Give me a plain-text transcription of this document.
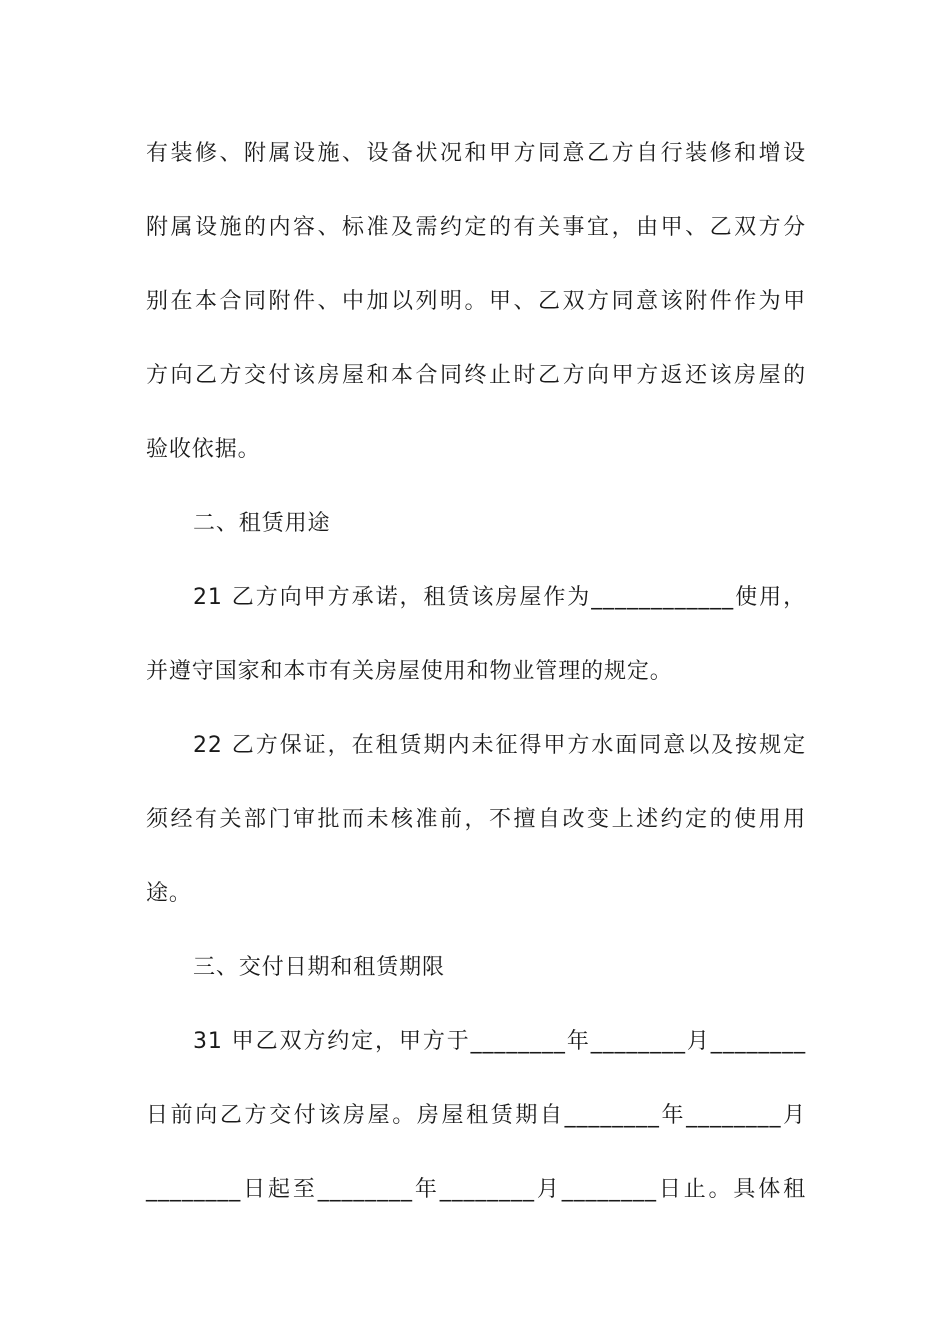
有装修、附属设施、设备状况和甲方同意乙方自行装修和增设
附属设施的内容、标准及需约定的有关事宜，由甲、乙双方分
别在本合同附件、中加以列明。甲、乙双方同意该附件作为甲
方向乙方交付该房屋和本合同终止时乙方向甲方返还该房屋的
验收依据。
二、租赁用途
21 乙方向甲方承诺，租赁该房屋作为____________使用，
并遵守国家和本市有关房屋使用和物业管理的规定。
22 乙方保证，在租赁期内未征得甲方水面同意以及按规定
须经有关部门审批而未核准前，不擅自改变上述约定的使用用
途。
三、交付日期和租赁期限
31 甲乙双方约定，甲方于________年________月________
日前向乙方交付该房屋。房屋租赁期自________年________月
________日起至________年________月________日止。具体租
